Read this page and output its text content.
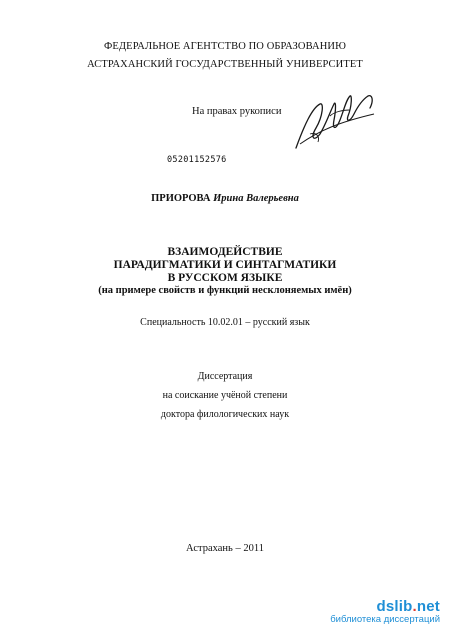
ФЕДЕРАЛЬНОЕ АГЕНТСТВО ПО ОБРАЗОВАНИЮ
АСТРАХАНСКИЙ ГОСУДАРСТВЕННЫЙ УНИВЕРСИТЕТ
На правах рукописи
05201152576
ПРИОРОВА Ирина Валерьевна
ВЗАИМОДЕЙСТВИЕ
ПАРАДИГМАТИКИ И СИНТАГМАТИКИ
В РУССКОМ ЯЗЫКЕ
(на примере свойств и функций несклоняемых имён)
Специальность 10.02.01 – русский язык
Диссертация
на соискание учёной степени
доктора филологических наук
Астрахань – 2011
dslib.net
библиотека диссертаций
